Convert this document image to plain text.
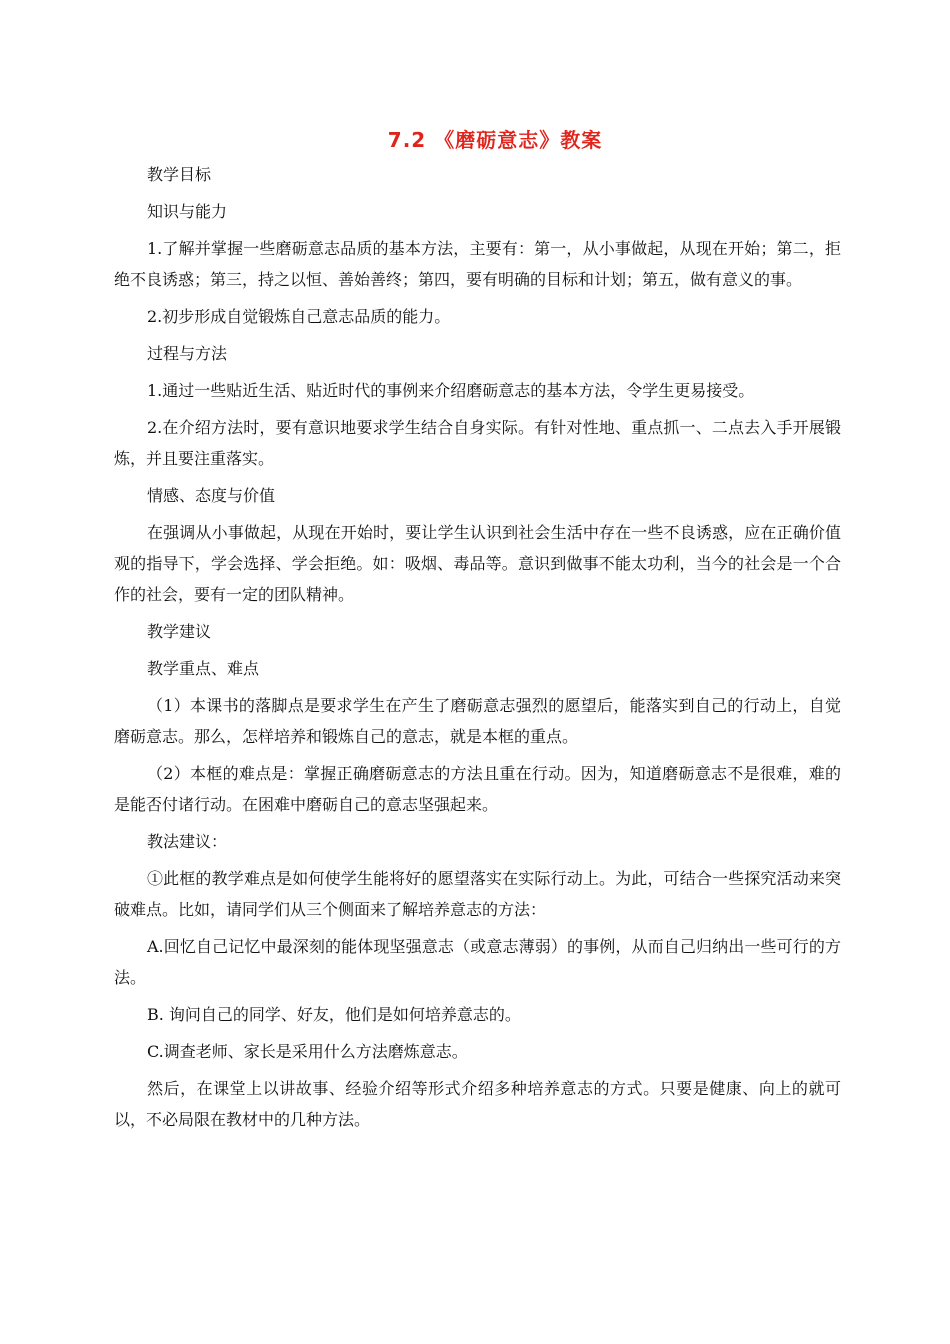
7.2 《磨砺意志》教案

教学目标

知识与能力

1.了解并掌握一些磨砺意志品质的基本方法，主要有：第一，从小事做起，从现在开始；第二，拒绝不良诱惑；第三，持之以恒、善始善终；第四，要有明确的目标和计划；第五，做有意义的事。

2.初步形成自觉锻炼自己意志品质的能力。

过程与方法

1.通过一些贴近生活、贴近时代的事例来介绍磨砺意志的基本方法，令学生更易接受。

2.在介绍方法时，要有意识地要求学生结合自身实际。有针对性地、重点抓一、二点去入手开展锻炼，并且要注重落实。

情感、态度与价值

在强调从小事做起，从现在开始时，要让学生认识到社会生活中存在一些不良诱惑，应在正确价值观的指导下，学会选择、学会拒绝。如：吸烟、毒品等。意识到做事不能太功利，当今的社会是一个合作的社会，要有一定的团队精神。

教学建议

教学重点、难点

（1）本课书的落脚点是要求学生在产生了磨砺意志强烈的愿望后，能落实到自己的行动上，自觉磨砺意志。那么，怎样培养和锻炼自己的意志，就是本框的重点。

（2）本框的难点是：掌握正确磨砺意志的方法且重在行动。因为，知道磨砺意志不是很难，难的是能否付诸行动。在困难中磨砺自己的意志坚强起来。

教法建议：

①此框的教学难点是如何使学生能将好的愿望落实在实际行动上。为此，可结合一些探究活动来突破难点。比如，请同学们从三个侧面来了解培养意志的方法：

A.回忆自己记忆中最深刻的能体现坚强意志（或意志薄弱）的事例，从而自己归纳出一些可行的方法。

B. 询问自己的同学、好友，他们是如何培养意志的。

C.调查老师、家长是采用什么方法磨炼意志。

然后，在课堂上以讲故事、经验介绍等形式介绍多种培养意志的方式。只要是健康、向上的就可以，不必局限在教材中的几种方法。
